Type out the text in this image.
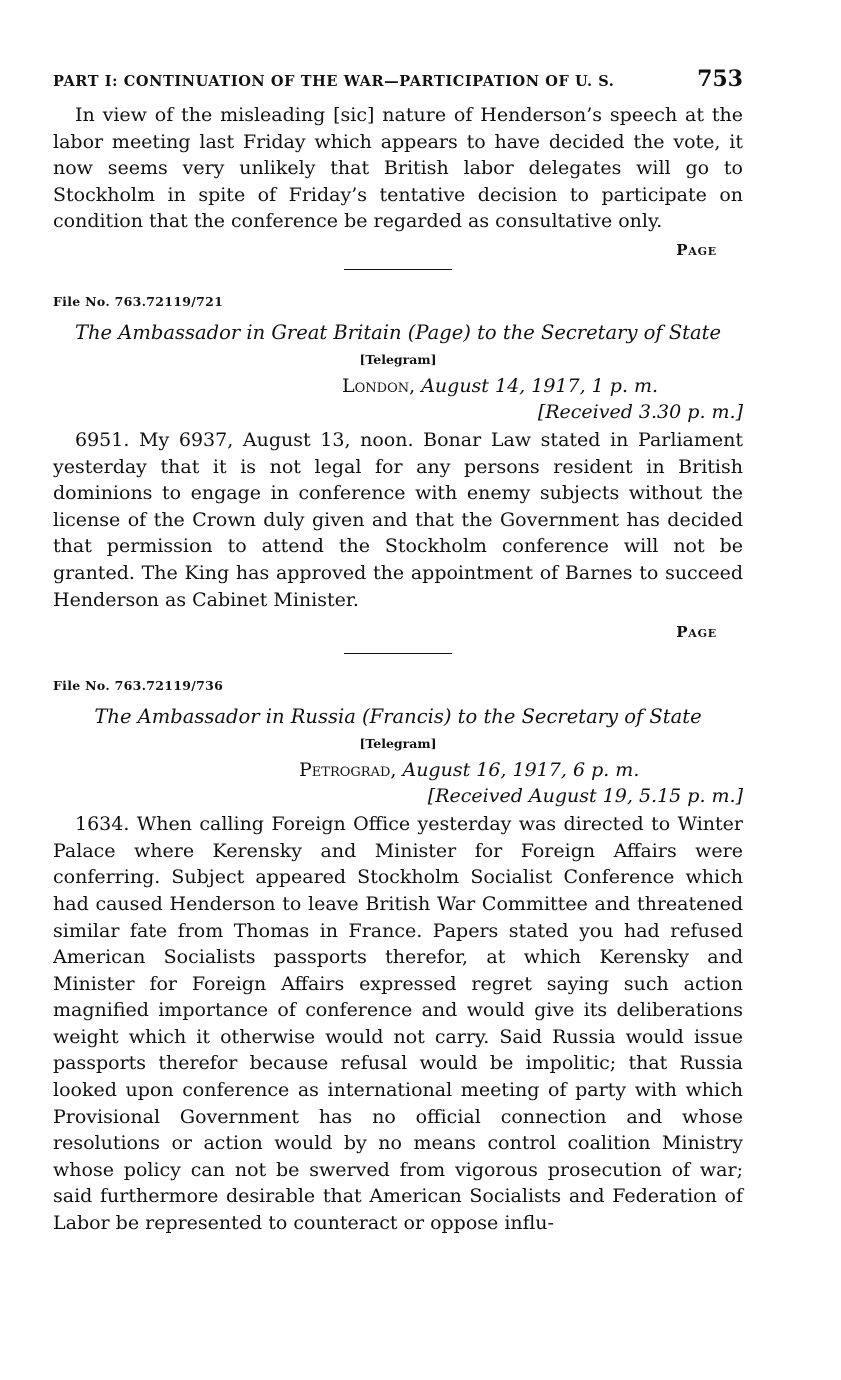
PART I: CONTINUATION OF THE WAR—PARTICIPATION OF U. S.	753

In view of the misleading [sic] nature of Henderson’s speech at the labor meeting last Friday which appears to have decided the vote, it now seems very unlikely that British labor delegates will go to Stockholm in spite of Friday’s tentative decision to participate on condition that the conference be regarded as consultative only.

Page

File No. 763.72119/721

The Ambassador in Great Britain (Page) to the Secretary of State

[Telegram]

London, August 14, 1917, 1 p. m.

[Received 3.30 p. m.]

6951. My 6937, August 13, noon. Bonar Law stated in Parliament yesterday that it is not legal for any persons resident in British dominions to engage in conference with enemy subjects without the license of the Crown duly given and that the Government has decided that permission to attend the Stockholm conference will not be granted. The King has approved the appointment of Barnes to succeed Henderson as Cabinet Minister.

Page

File No. 763.72119/736

The Ambassador in Russia (Francis) to the Secretary of State

[Telegram]

Petrograd, August 16, 1917, 6 p. m.

[Received August 19, 5.15 p. m.]

1634. When calling Foreign Office yesterday was directed to Winter Palace where Kerensky and Minister for Foreign Affairs were conferring. Subject appeared Stockholm Socialist Conference which had caused Henderson to leave British War Committee and threatened similar fate from Thomas in France. Papers stated you had refused American Socialists passports therefor, at which Kerensky and Minister for Foreign Affairs expressed regret saying such action magnified importance of conference and would give its deliberations weight which it otherwise would not carry. Said Russia would issue passports therefor because refusal would be impolitic; that Russia looked upon conference as international meeting of party with which Provisional Government has no official connection and whose resolutions or action would by no means control coalition Ministry whose policy can not be swerved from vigorous prosecution of war; said furthermore desirable that American Socialists and Federation of Labor be represented to counteract or oppose influ-
